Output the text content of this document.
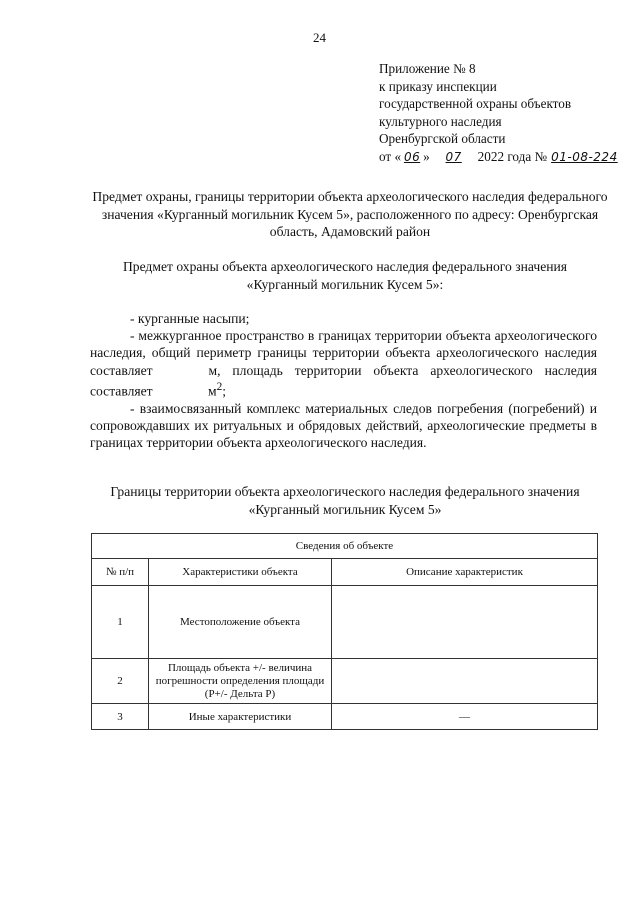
24
Приложение № 8
к приказу инспекции
государственной охраны объектов
культурного наследия
Оренбургской области
от « 06 » 07 2022 года № 01-08-224
Предмет охраны, границы территории объекта археологического наследия федерального значения «Курганный могильник Кусем 5», расположенного по адресу: Оренбургская область, Адамовский район
Предмет охраны объекта археологического наследия федерального значения «Курганный могильник Кусем 5»:

- курганные насыпи;

- межкурганное пространство в границах территории объекта археологического наследия, общий периметр границы территории объекта археологического наследия составляет	м, площадь территории объекта археологического наследия составляет	$м^2$;

- взаимосвязанный комплекс материальных следов погребения (погребений) и сопровождавших их ритуальных и обрядовых действий, археологические предметы в границах территории объекта археологического наследия.

Границы территории объекта археологического наследия федерального значения «Курганный могильник Кусем 5»
Сведения об объекте		
№ п/п	Характеристики объекта	Описание характеристик
1	Местоположение объекта	
2	Площадь объекта +/- величина погрешности определения площади (P+/- Дельта P)	
3	Иные характеристики	—
